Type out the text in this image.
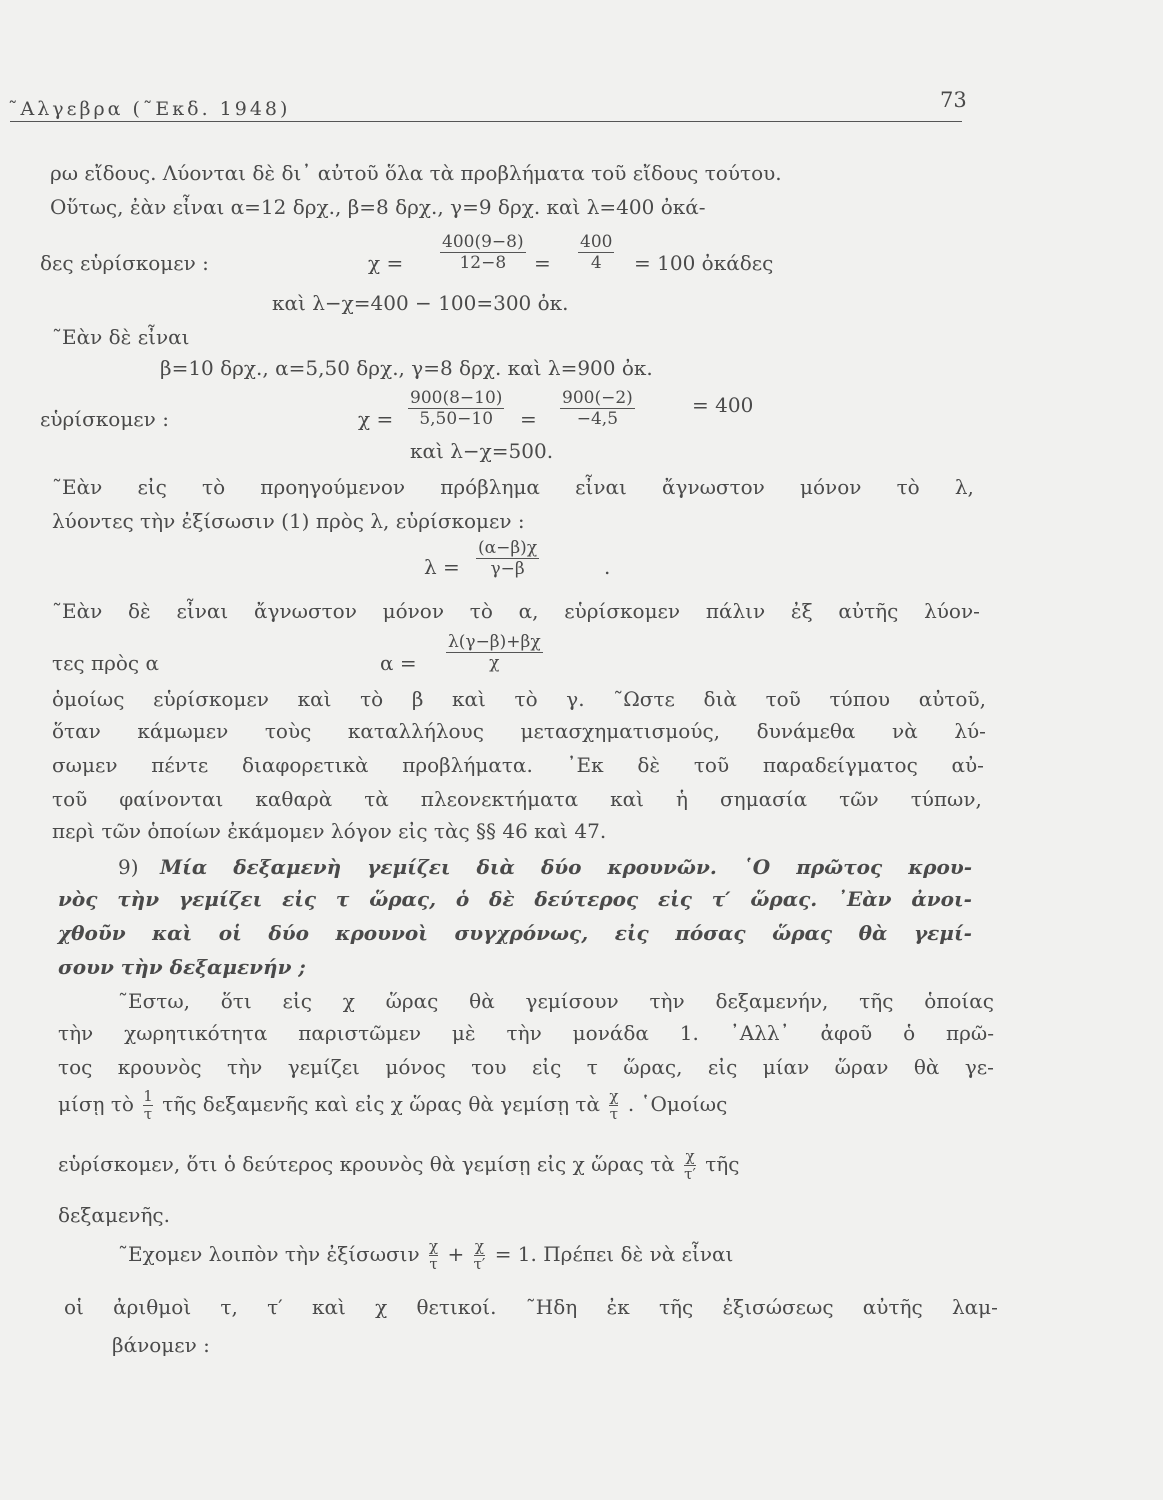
˜Αλγεβρα (˜Εκδ. 1948)	73
ρω εἴδους. Λύονται δὲ δι᾽ αὐτοῦ ὅλα τὰ προβλήματα τοῦ εἴδους τούτου.
Οὕτως, ἐὰν εἶναι α=12 δρχ., β=8 δρχ., γ=9 δρχ. καὶ λ=400 ὀκά-
δες εὑρίσκομεν :	$\chi = \frac{400(9-8)}{12-8} = \frac{400}{4} = 100$ ὀκάδες
καὶ λ−χ=400 − 100=300 ὀκ.
˜Εὰν δὲ εἶναι
β=10 δρχ., α=5,50 δρχ., γ=8 δρχ. καὶ λ=900 ὀκ.
εὑρίσκομεν :	$\chi = \frac{900(8-10)}{5,50-10} = \frac{900(-2)}{-4,5}$	= 400
καὶ λ−χ=500.
˜Εὰν εἰς τὸ προηγούμενον πρόβλημα εἶναι ἄγνωστον μόνον τὸ λ,
λύοντες τὴν ἐξίσωσιν (1) πρὸς λ, εὑρίσκομεν :
$\lambda = \frac{(\alpha-\beta)\chi}{\gamma-\beta}$	.
˜Εὰν δὲ εἶναι ἄγνωστον μόνον τὸ α, εὑρίσκομεν πάλιν ἐξ αὐτῆς λύον-
τες πρὸς α	$\alpha = \frac{\lambda(\gamma-\beta)+\beta\chi}{\chi}$
ὁμοίως εὑρίσκομεν καὶ τὸ β καὶ τὸ γ. ˜Ωστε διὰ τοῦ τύπου αὐτοῦ,
ὅταν κάμωμεν τοὺς καταλλήλους μετασχηματισμούς, δυνάμεθα νὰ λύ-
σωμεν πέντε διαφορετικὰ προβλήματα. ᾽Εκ δὲ τοῦ παραδείγματος αὐ-
τοῦ φαίνονται καθαρὰ τὰ πλεονεκτήματα καὶ ἡ σημασία τῶν τύπων,
περὶ τῶν ὁποίων ἐκάμομεν λόγον εἰς τὰς §§ 46 καὶ 47.
9) Μία δεξαμενὴ γεμίζει διὰ δύο κρουνῶν. ῾Ο πρῶτος κρου-
νὸς τὴν γεμίζει εἰς τ ὥρας, ὁ δὲ δεύτερος εἰς τ′ ὥρας. ᾽Εὰν ἀνοι-
χθοῦν καὶ οἱ δύο κρουνοὶ συγχρόνως, εἰς πόσας ὥρας θὰ γεμί-
σουν τὴν δεξαμενήν ;
˜Εστω, ὅτι εἰς χ ὥρας θὰ γεμίσουν τὴν δεξαμενήν, τῆς ὁποίας
τὴν χωρητικότητα παριστῶμεν μὲ τὴν μονάδα 1. ᾽Αλλ᾽ ἀφοῦ ὁ πρῶ-
τος κρουνὸς τὴν γεμίζει μόνος του εἰς τ ὥρας, εἰς μίαν ὥραν θὰ γε-
μίσῃ τὸ $\frac{1}{\tau}$ τῆς δεξαμενῆς καὶ εἰς χ ὥρας θὰ γεμίσῃ τὰ $\frac{\chi}{\tau}$ . ῾Ομοίως
εὑρίσκομεν, ὅτι ὁ δεύτερος κρουνὸς θὰ γεμίσῃ εἰς χ ὥρας τὰ $\frac{\chi}{\tau'}$ τῆς
δεξαμενῆς.
˜Εχομεν λοιπὸν τὴν ἐξίσωσιν $\frac{\chi}{\tau} + \frac{\chi}{\tau'} = 1$. Πρέπει δὲ νὰ εἶναι
οἱ ἀριθμοὶ τ, τ′ καὶ χ θετικοί. ˜Ηδη ἐκ τῆς ἐξισώσεως αὐτῆς λαμ-
βάνομεν :
